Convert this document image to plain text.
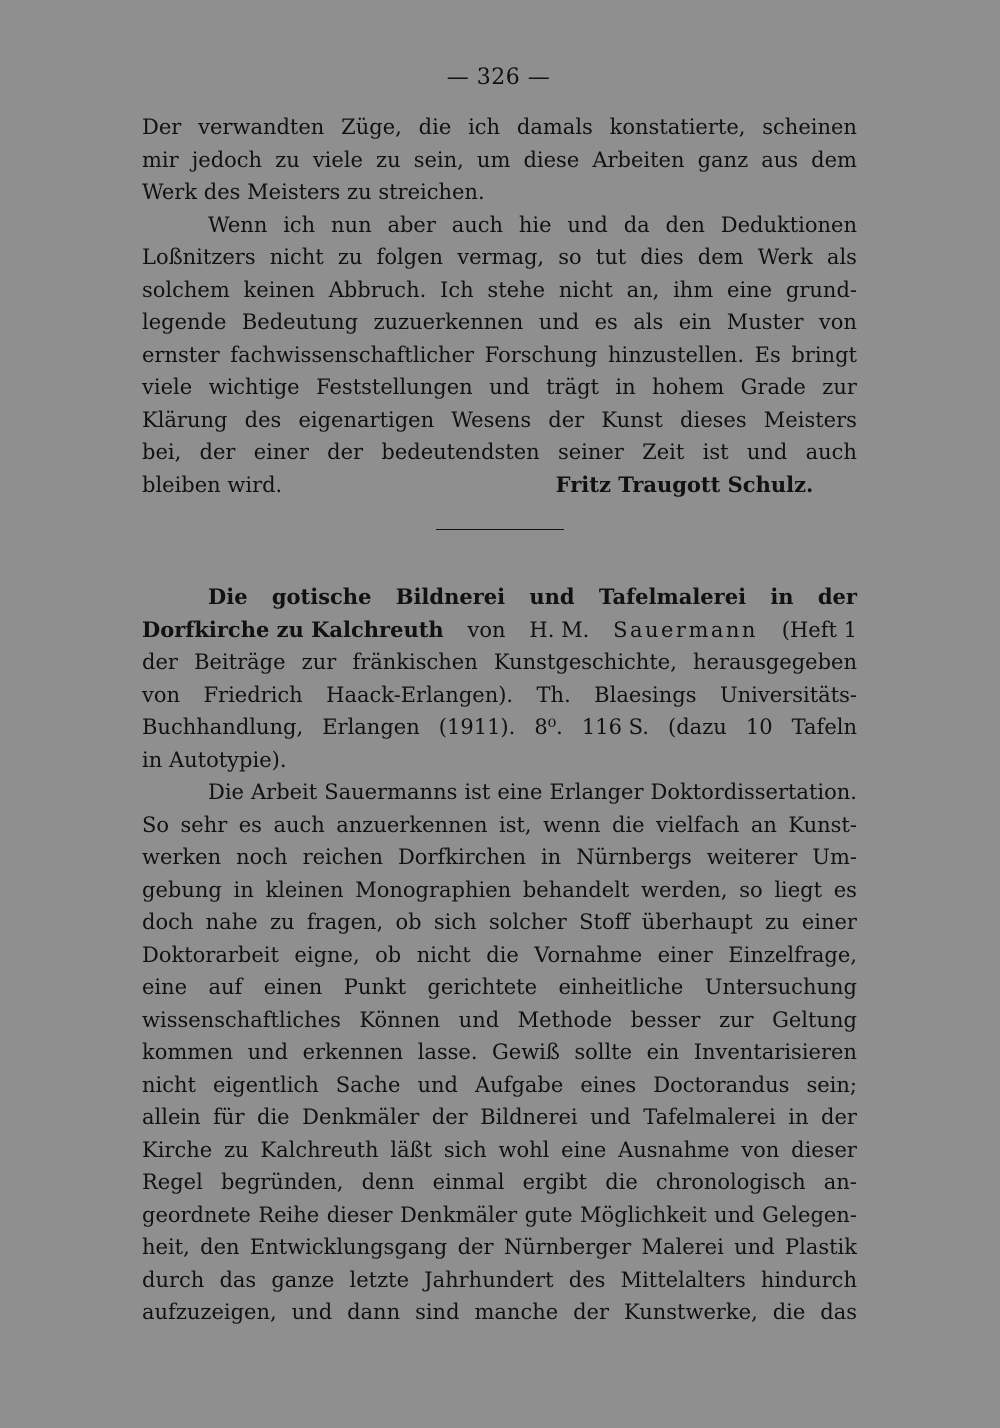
— 326 —
Der verwandten Züge, die ich damals konstatierte, scheinen
mir jedoch zu viele zu sein, um diese Arbeiten ganz aus dem
Werk des Meisters zu streichen.
Wenn ich nun aber auch hie und da den Deduktionen
Loßnitzers nicht zu folgen vermag, so tut dies dem Werk als
solchem keinen Abbruch. Ich stehe nicht an, ihm eine grund-
legende Bedeutung zuzuerkennen und es als ein Muster von
ernster fachwissenschaftlicher Forschung hinzustellen. Es bringt
viele wichtige Feststellungen und trägt in hohem Grade zur
Klärung des eigenartigen Wesens der Kunst dieses Meisters
bei, der einer der bedeutendsten seiner Zeit ist und auch
bleiben wird.	Fritz Traugott Schulz.
Die gotische Bildnerei und Tafelmalerei in der
Dorfkirche zu Kalchreuth von H. M. Sauermann (Heft 1
der Beiträge zur fränkischen Kunstgeschichte, herausgegeben
von Friedrich Haack-Erlangen). Th. Blaesings Universitäts-
Buchhandlung, Erlangen (1911). 8⁰. 116 S. (dazu 10 Tafeln
in Autotypie).
Die Arbeit Sauermanns ist eine Erlanger Doktordissertation.
So sehr es auch anzuerkennen ist, wenn die vielfach an Kunst-
werken noch reichen Dorfkirchen in Nürnbergs weiterer Um-
gebung in kleinen Monographien behandelt werden, so liegt es
doch nahe zu fragen, ob sich solcher Stoff überhaupt zu einer
Doktorarbeit eigne, ob nicht die Vornahme einer Einzelfrage,
eine auf einen Punkt gerichtete einheitliche Untersuchung
wissenschaftliches Können und Methode besser zur Geltung
kommen und erkennen lasse. Gewiß sollte ein Inventarisieren
nicht eigentlich Sache und Aufgabe eines Doctorandus sein;
allein für die Denkmäler der Bildnerei und Tafelmalerei in der
Kirche zu Kalchreuth läßt sich wohl eine Ausnahme von dieser
Regel begründen, denn einmal ergibt die chronologisch an-
geordnete Reihe dieser Denkmäler gute Möglichkeit und Gelegen-
heit, den Entwicklungsgang der Nürnberger Malerei und Plastik
durch das ganze letzte Jahrhundert des Mittelalters hindurch
aufzuzeigen, und dann sind manche der Kunstwerke, die das
